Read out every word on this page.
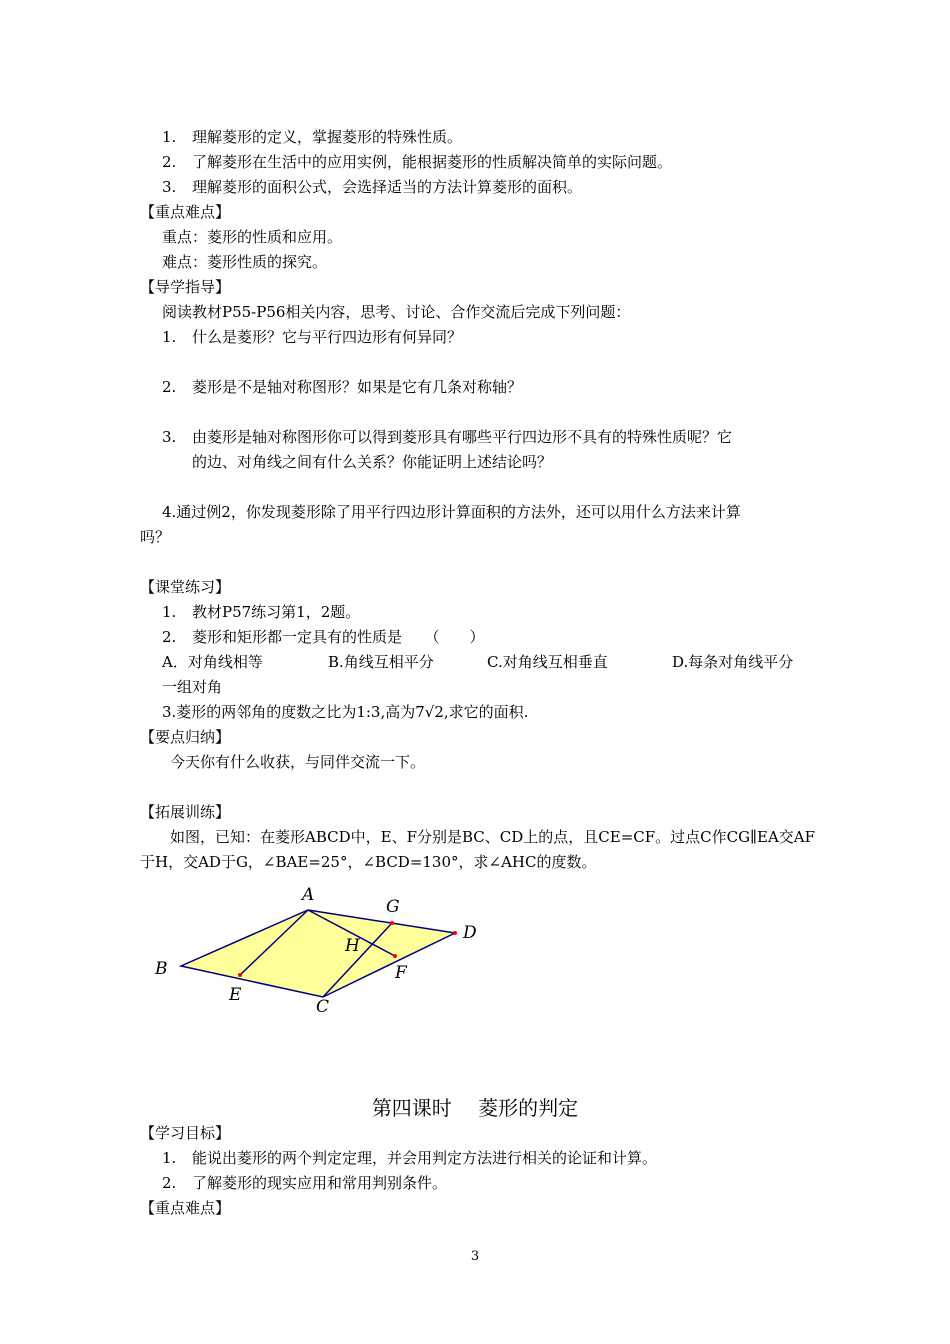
1. 理解菱形的定义，掌握菱形的特殊性质。
2. 了解菱形在生活中的应用实例，能根据菱形的性质解决简单的实际问题。
3. 理解菱形的面积公式，会选择适当的方法计算菱形的面积。
【重点难点】
重点：菱形的性质和应用。
难点：菱形性质的探究。
【导学指导】
阅读教材P55-P56相关内容，思考、讨论、合作交流后完成下列问题：
1. 什么是菱形？它与平行四边形有何异同？
2. 菱形是不是轴对称图形？如果是它有几条对称轴？
3. 由菱形是轴对称图形你可以得到菱形具有哪些平行四边形不具有的特殊性质呢？它
的边、对角线之间有什么关系？你能证明上述结论吗？
4.通过例2，你发现菱形除了用平行四边形计算面积的方法外，还可以用什么方法来计算
吗？
【课堂练习】
1. 教材P57练习第1，2题。
2. 菱形和矩形都一定具有的性质是　　（　　）
A．对角线相等	B.角线互相平分	C.对角线互相垂直	D.每条对角线平分
一组对角
3.菱形的两邻角的度数之比为1:3,高为7√2,求它的面积.
【要点归纳】
今天你有什么收获，与同伴交流一下。
【拓展训练】
如图，已知：在菱形ABCD中，E、F分别是BC、CD上的点，且CE=CF。过点C作CG∥EA交AF
于H，交AD于G，∠BAE=25°，∠BCD=130°，求∠AHC的度数。
A
B
C
D
E
F
G
H
第四课时　 菱形的判定
【学习目标】
1. 能说出菱形的两个判定定理，并会用判定方法进行相关的论证和计算。
2. 了解菱形的现实应用和常用判别条件。
【重点难点】
3
